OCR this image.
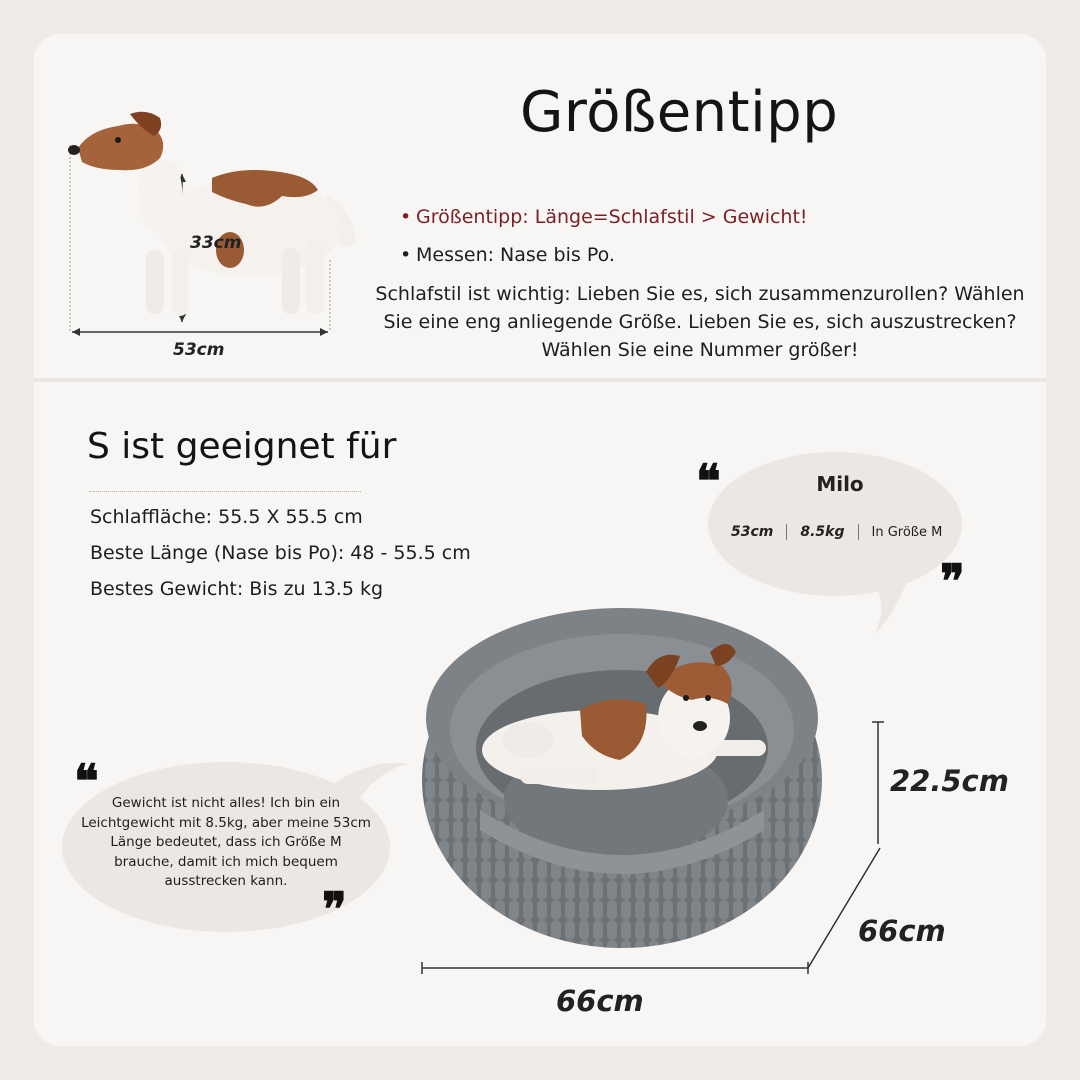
33cm
53cm
Größentipp
• Größentipp: Länge=Schlafstil > Gewicht!
• Messen: Nase bis Po.
Schlafstil ist wichtig: Lieben Sie es, sich zusammenzurollen? Wählen Sie eine eng anliegende Größe. Lieben Sie es, sich auszustrecken? Wählen Sie eine Nummer größer!
S ist geeignet für
Schlaffläche: 55.5 X 55.5 cm
Beste Länge (Nase bis Po): 48 - 55.5 cm
Bestes Gewicht: Bis zu 13.5 kg
❝
❞
Milo
53cm	8.5kg	In Größe M
❝
❞
Gewicht ist nicht alles! Ich bin ein Leichtgewicht mit 8.5kg, aber meine 53cm Länge bedeutet, dass ich Größe M brauche, damit ich mich bequem ausstrecken kann.
22.5cm
66cm
66cm
